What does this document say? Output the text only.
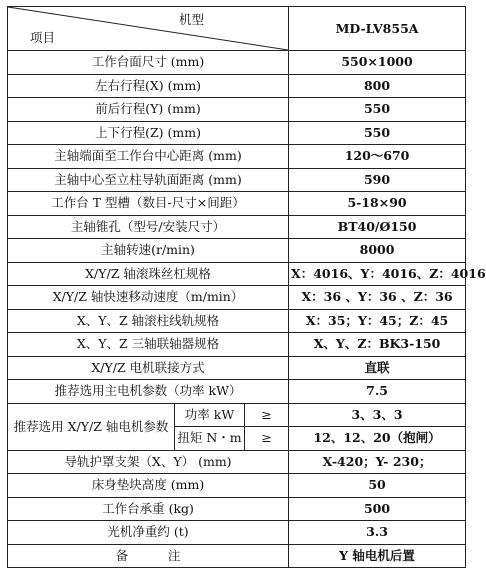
机型
项目			MD-LV855A
工作台面尺寸 (mm)			550×1000
左右行程(X) (mm)			800
前后行程(Y) (mm)			550
上下行程(Z) (mm)			550
主轴端面至工作台中心距离 (mm)			120～670
主轴中心至立柱导轨面距离 (mm)			590
工作台 T 型槽（数目-尺寸×间距）			5-18×90
主轴锥孔（型号/安装尺寸）			BT40/Ø150
主轴转速(r/min)			8000
X/Y/Z 轴滚珠丝杠规格			X：4016、Y：4016、Z：4016
X/Y/Z 轴快速移动速度（m/min）			X：36 、Y：36 、Z：36
X、Y、Z 轴滚柱线轨规格			X：35；Y：45；Z：45
X、Y、Z 三轴联轴器规格			X、Y、Z：BK3-150
X/Y/Z 电机联接方式			直联
推荐选用主电机参数（功率 kW）			7.5
推荐选用 X/Y/Z 轴电机参数	功率 kW	≥	3、3、3
	扭矩 N・m	≥	12、12、20（抱闸）
导轨护罩支架（X、Y） (mm)			X-420；Y- 230；
床身垫块高度 (mm)			50
工作台承重 (kg)			500
光机净重约 (t)			3.3
备          注			Y 轴电机后置
